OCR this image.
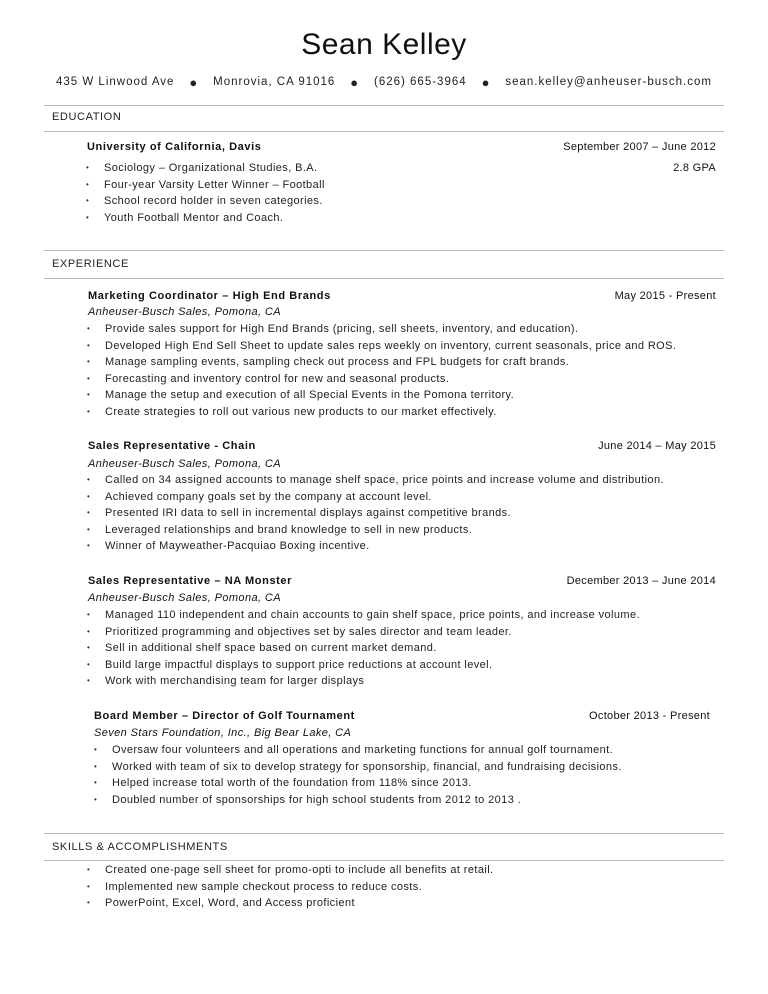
Sean Kelley
435 W Linwood Ave ● Monrovia, CA 91016 ● (626) 665-3964 ● sean.kelley@anheuser-busch.com
EDUCATION
University of California, Davis	September 2007 – June 2012
2.8 GPA
• Sociology – Organizational Studies, B.A.
• Four-year Varsity Letter Winner – Football
• School record holder in seven categories.
• Youth Football Mentor and Coach.
EXPERIENCE
Marketing Coordinator – High End Brands	May 2015 - Present
Anheuser-Busch Sales, Pomona, CA
• Provide sales support for High End Brands (pricing, sell sheets, inventory, and education).
• Developed High End Sell Sheet to update sales reps weekly on inventory, current seasonals, price and ROS.
• Manage sampling events, sampling check out process and FPL budgets for craft brands.
• Forecasting and inventory control for new and seasonal products.
• Manage the setup and execution of all Special Events in the Pomona territory.
• Create strategies to roll out various new products to our market effectively.
Sales Representative - Chain	June 2014 – May 2015
Anheuser-Busch Sales, Pomona, CA
• Called on 34 assigned accounts to manage shelf space, price points and increase volume and distribution.
• Achieved company goals set by the company at account level.
• Presented IRI data to sell in incremental displays against competitive brands.
• Leveraged relationships and brand knowledge to sell in new products.
• Winner of Mayweather-Pacquiao Boxing incentive.
Sales Representative – NA Monster	December 2013 – June 2014
Anheuser-Busch Sales, Pomona, CA
• Managed 110 independent and chain accounts to gain shelf space, price points, and increase volume.
• Prioritized programming and objectives set by sales director and team leader.
• Sell in additional shelf space based on current market demand.
• Build large impactful displays to support price reductions at account level.
• Work with merchandising team for larger displays
Board Member – Director of Golf Tournament	October 2013 - Present
Seven Stars Foundation, Inc., Big Bear Lake, CA
• Oversaw four volunteers and all operations and marketing functions for annual golf tournament.
• Worked with team of six to develop strategy for sponsorship, financial, and fundraising decisions.
• Helped increase total worth of the foundation from 118% since 2013.
• Doubled number of sponsorships for high school students from 2012 to 2013 .
SKILLS & ACCOMPLISHMENTS
• Created one-page sell sheet for promo-opti to include all benefits at retail.
• Implemented new sample checkout process to reduce costs.
• PowerPoint, Excel, Word, and Access proficient
